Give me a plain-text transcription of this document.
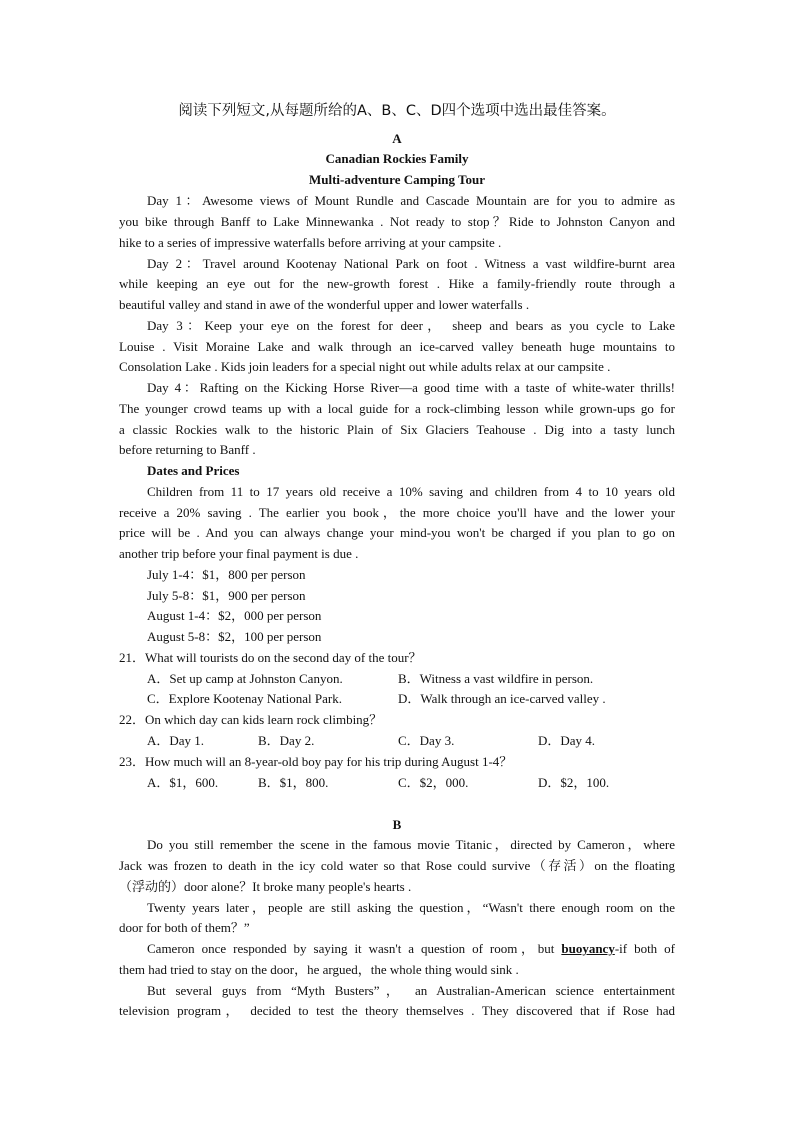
阅读下列短文,从每题所给的A、B、C、D四个选项中选出最佳答案。
A
Canadian Rockies Family
Multi-adventure Camping Tour
Day 1：Awesome views of Mount Rundle and Cascade Mountain are for you to admire as
you bike through Banff to Lake Minnewanka . Not ready to stop？Ride to Johnston Canyon and
hike to a series of impressive waterfalls before arriving at your campsite .
Day 2：Travel around Kootenay National Park on foot . Witness a vast wildfire-burnt area
while keeping an eye out for the new-growth forest . Hike a family-friendly route through a
beautiful valley and stand in awe of the wonderful upper and lower waterfalls .
Day 3：Keep your eye on the forest for deer， sheep and bears as you cycle to Lake
Louise . Visit Moraine Lake and walk through an ice-carved valley beneath huge mountains to
Consolation Lake . Kids join leaders for a special night out while adults relax at our campsite .
Day 4：Rafting on the Kicking Horse River—a good time with a taste of white-water thrills!
The younger crowd teams up with a local guide for a rock-climbing lesson while grown-ups go for
a classic Rockies walk to the historic Plain of Six Glaciers Teahouse . Dig into a tasty lunch
before returning to Banff .
Dates and Prices
Children from 11 to 17 years old receive a 10% saving and children from 4 to 10 years old
receive a 20% saving . The earlier you book，the more choice you'll have and the lower your
price will be . And you can always change your mind-you won't be charged if you plan to go on
another trip before your final payment is due .
July 1-4：$1，800 per person
July 5-8：$1，900 per person
August 1-4：$2，000 per person
August 5-8：$2，100 per person
21．What will tourists do on the second day of the tour？
A．Set up camp at Johnston Canyon.	B．Witness a vast wildfire in person.
C．Explore Kootenay National Park.	D．Walk through an ice-carved valley .
22．On which day can kids learn rock climbing？
A．Day 1.	B．Day 2.	C．Day 3.	D．Day 4.
23．How much will an 8-year-old boy pay for his trip during August 1-4？
A．$1，600.	B．$1，800.	C．$2，000.	D．$2，100.
B
Do you still remember the scene in the famous movie Titanic，directed by Cameron，where
Jack was frozen to death in the icy cold water so that Rose could survive（存活）on the floating
（浮动的）door alone？It broke many people's hearts .
Twenty years later，people are still asking the question，“Wasn't there enough room on the
door for both of them？”
Cameron once responded by saying it wasn't a question of room，but buoyancy-if both of
them had tried to stay on the door，he argued，the whole thing would sink .
But several guys from “Myth Busters”， an Australian-American science entertainment
television program， decided to test the theory themselves . They discovered that if Rose had
